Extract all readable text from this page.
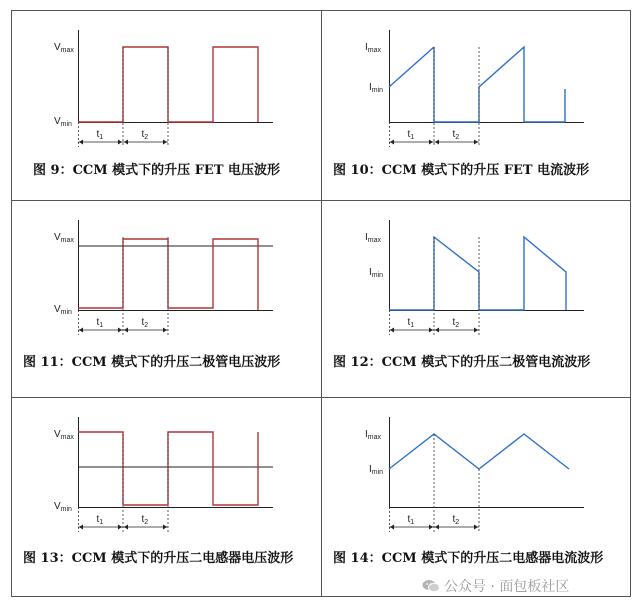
$t_1$	$t_2$
$V_{max}$
$V_{min}$
$t_1$	$t_2$
$I_{max}$
$I_{min}$
$t_1$	$t_2$
$V_{max}$
$V_{min}$
$t_1$	$t_2$
$I_{max}$
$I_{min}$
$t_1$	$t_2$
$V_{max}$
$V_{min}$
$t_1$	$t_2$
$I_{max}$
$I_{min}$
图 9：CCM 模式下的升压 FET 电压波形	图 10：CCM 模式下的升压 FET 电流波形
图 11：CCM 模式下的升压二极管电压波形	图 12：CCM 模式下的升压二极管电流波形
图 13：CCM 模式下的升压二电感器电压波形	图 14：CCM 模式下的升压二电感器电流波形
公众号 · 面包板社区
